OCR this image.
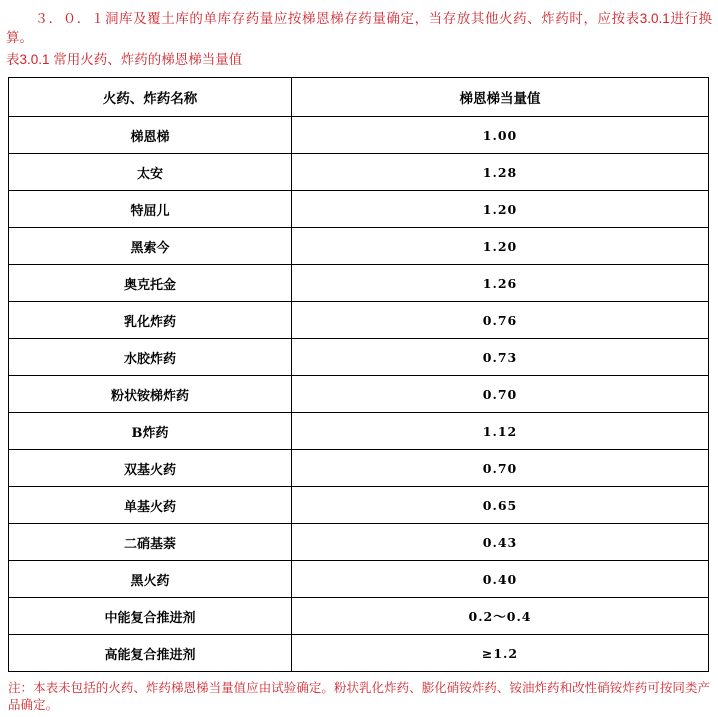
３．０．１洞库及覆土库的单库存药量应按梯恩梯存药量确定，当存放其他火药、炸药时，应按表3.0.1进行换算。
表3.0.1 常用火药、炸药的梯恩梯当量值
火药、炸药名称	梯恩梯当量值
梯恩梯	1.00
太安	1.28
特屈儿	1.20
黑索今	1.20
奥克托金	1.26
乳化炸药	0.76
水胶炸药	0.73
粉状铵梯炸药	0.70
B炸药	1.12
双基火药	0.70
单基火药	0.65
二硝基萘	0.43
黑火药	0.40
中能复合推进剂	0.2～0.4
高能复合推进剂	≥1.2
注：本表未包括的火药、炸药梯恩梯当量值应由试验确定。粉状乳化炸药、膨化硝铵炸药、铵油炸药和改性硝铵炸药可按同类产品确定。
